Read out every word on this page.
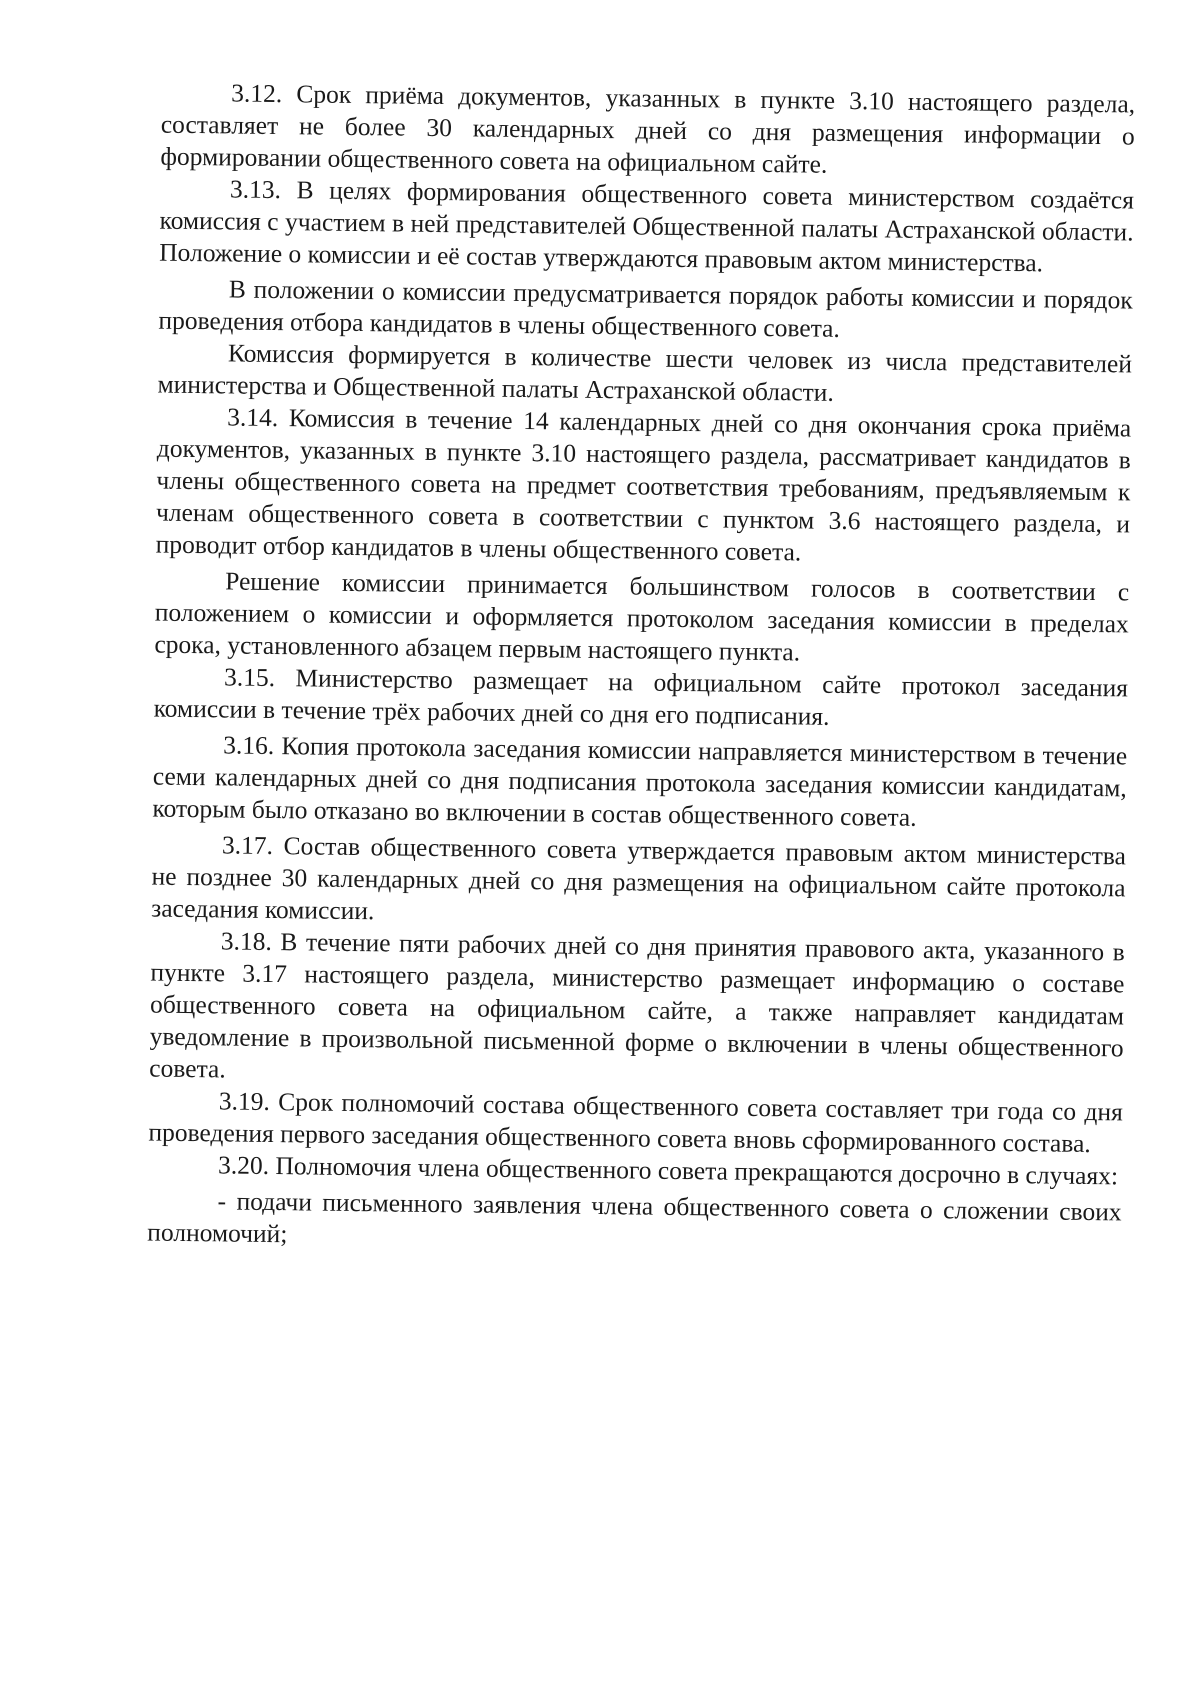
3.12. Срок приёма документов, указанных в пункте 3.10 настоящего раздела, составляет не более 30 календарных дней со дня размещения информации о формировании общественного совета на официальном сайте.

3.13. В целях формирования общественного совета министерством создаётся комиссия с участием в ней представителей Общественной палаты Астраханской области. Положение о комиссии и её состав утверждаются правовым актом министерства.

В положении о комиссии предусматривается порядок работы комиссии и порядок проведения отбора кандидатов в члены общественного совета.

Комиссия формируется в количестве шести человек из числа представителей министерства и Общественной палаты Астраханской области.

3.14. Комиссия в течение 14 календарных дней со дня окончания срока приёма документов, указанных в пункте 3.10 настоящего раздела, рассматривает кандидатов в члены общественного совета на предмет соответствия требованиям, предъявляемым к членам общественного совета в соответствии с пунктом 3.6 настоящего раздела, и проводит отбор кандидатов в члены общественного совета.

Решение комиссии принимается большинством голосов в соответствии с положением о комиссии и оформляется протоколом заседания комиссии в пределах срока, установленного абзацем первым настоящего пункта.

3.15. Министерство размещает на официальном сайте протокол заседания комиссии в течение трёх рабочих дней со дня его подписания.

3.16. Копия протокола заседания комиссии направляется министерством в течение семи календарных дней со дня подписания протокола заседания комиссии кандидатам, которым было отказано во включении в состав общественного совета.

3.17. Состав общественного совета утверждается правовым актом министерства не позднее 30 календарных дней со дня размещения на официальном сайте протокола заседания комиссии.

3.18. В течение пяти рабочих дней со дня принятия правового акта, указанного в пункте 3.17 настоящего раздела, министерство размещает информацию о составе общественного совета на официальном сайте, а также направляет кандидатам уведомление в произвольной письменной форме о включении в члены общественного совета.

3.19. Срок полномочий состава общественного совета составляет три года со дня проведения первого заседания общественного совета вновь сформированного состава.

3.20. Полномочия члена общественного совета прекращаются досрочно в случаях:

- подачи письменного заявления члена общественного совета о сложении своих полномочий;
